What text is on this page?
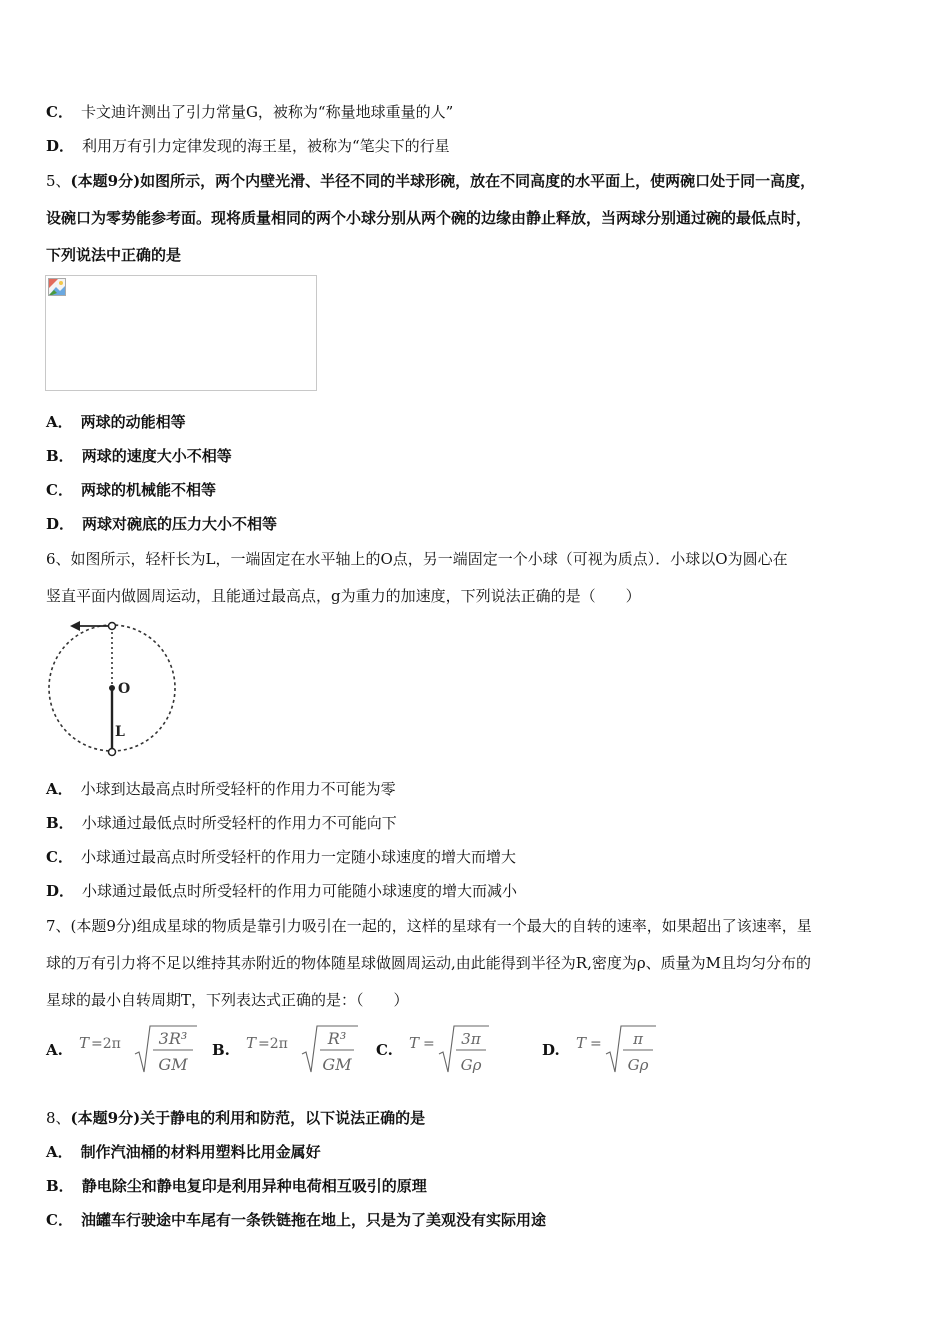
C． 卡文迪许测出了引力常量G，被称为“称量地球重量的人”
D． 利用万有引力定律发现的海王星，被称为“笔尖下的行星
5、(本题9分)如图所示，两个内壁光滑、半径不同的半球形碗，放在不同高度的水平面上，使两碗口处于同一高度，
设碗口为零势能参考面。现将质量相同的两个小球分别从两个碗的边缘由静止释放，当两球分别通过碗的最低点时，
下列说法中正确的是
A． 两球的动能相等
B． 两球的速度大小不相等
C． 两球的机械能不相等
D． 两球对碗底的压力大小不相等
6、如图所示，轻杆长为L，一端固定在水平轴上的O点，另一端固定一个小球（可视为质点）．小球以O为圆心在
竖直平面内做圆周运动，且能通过最高点，g为重力的加速度，下列说法正确的是（　　）
O
L
A． 小球到达最高点时所受轻杆的作用力不可能为零
B． 小球通过最低点时所受轻杆的作用力不可能向下
C． 小球通过最高点时所受轻杆的作用力一定随小球速度的增大而增大
D． 小球通过最低点时所受轻杆的作用力可能随小球速度的增大而减小
7、(本题9分)组成星球的物质是靠引力吸引在一起的，这样的星球有一个最大的自转的速率，如果超出了该速率，星
球的万有引力将不足以维持其赤附近的物体随星球做圆周运动,由此能得到半径为R,密度为ρ、质量为M且均匀分布的
星球的最小自转周期T，下列表达式正确的是：（　　）
A. T =2π 3R³
GM
B. T =2π R³
GM
C. T = 3π
Gρ
D. T = π
Gρ
8、(本题9分)关于静电的利用和防范，以下说法正确的是
A． 制作汽油桶的材料用塑料比用金属好
B． 静电除尘和静电复印是利用异种电荷相互吸引的原理
C． 油罐车行驶途中车尾有一条铁链拖在地上，只是为了美观没有实际用途
